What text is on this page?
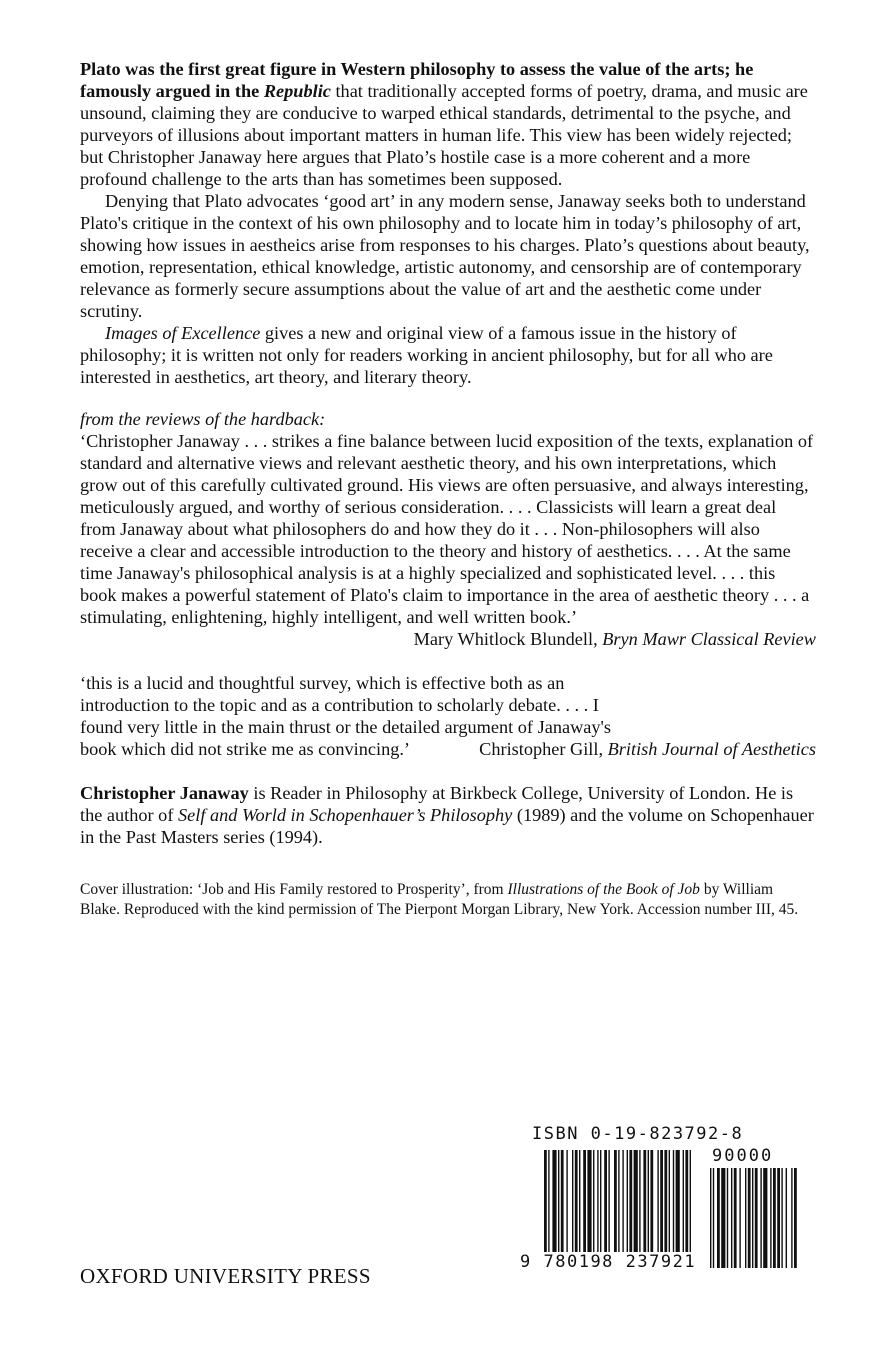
Plato was the first great figure in Western philosophy to assess the value of the arts; he famously argued in the Republic that traditionally accepted forms of poetry, drama, and music are unsound, claiming they are conducive to warped ethical standards, detrimental to the psyche, and purveyors of illusions about important matters in human life. This view has been widely rejected; but Christopher Janaway here argues that Plato’s hostile case is a more coherent and a more profound challenge to the arts than has sometimes been supposed.

Denying that Plato advocates ‘good art’ in any modern sense, Janaway seeks both to understand Plato's critique in the context of his own philosophy and to locate him in today’s philosophy of art, showing how issues in aestheics arise from responses to his charges. Plato’s questions about beauty, emotion, representation, ethical knowledge, artistic autonomy, and censorship are of contemporary relevance as formerly secure assumptions about the value of art and the aesthetic come under scrutiny.

Images of Excellence gives a new and original view of a famous issue in the history of philosophy; it is written not only for readers working in ancient philosophy, but for all who are interested in aesthetics, art theory, and literary theory.

from the reviews of the hardback:

‘Christopher Janaway . . . strikes a fine balance between lucid exposition of the texts, explanation of standard and alternative views and relevant aesthetic theory, and his own interpretations, which grow out of this carefully cultivated ground. His views are often persuasive, and always interesting, meticulously argued, and worthy of serious consideration. . . . Classicists will learn a great deal from Janaway about what philosophers do and how they do it . . . Non-philosophers will also receive a clear and accessible introduction to the theory and history of aesthetics. . . . At the same time Janaway's philosophical analysis is at a highly specialized and sophisticated level. . . . this book makes a powerful statement of Plato's claim to importance in the area of aesthetic theory . . . a stimulating, enlightening, highly intelligent, and well written book.’

Mary Whitlock Blundell, Bryn Mawr Classical Review

‘this is a lucid and thoughtful survey, which is effective both as an introduction to the topic and as a contribution to scholarly debate. . . . I found very little in the main thrust or the detailed argument of Janaway's book which did not strike me as convincing.’	Christopher Gill, British Journal of Aesthetics

Christopher Janaway is Reader in Philosophy at Birkbeck College, University of London. He is the author of Self and World in Schopenhauer’s Philosophy (1989) and the volume on Schopenhauer in the Past Masters series (1994).

Cover illustration: ‘Job and His Family restored to Prosperity’, from Illustrations of the Book of Job by William Blake. Reproduced with the kind permission of The Pierpont Morgan Library, New York. Accession number III, 45.

OXFORD UNIVERSITY PRESS
ISBN 0-19-823792-8
90000
9 780198 237921
